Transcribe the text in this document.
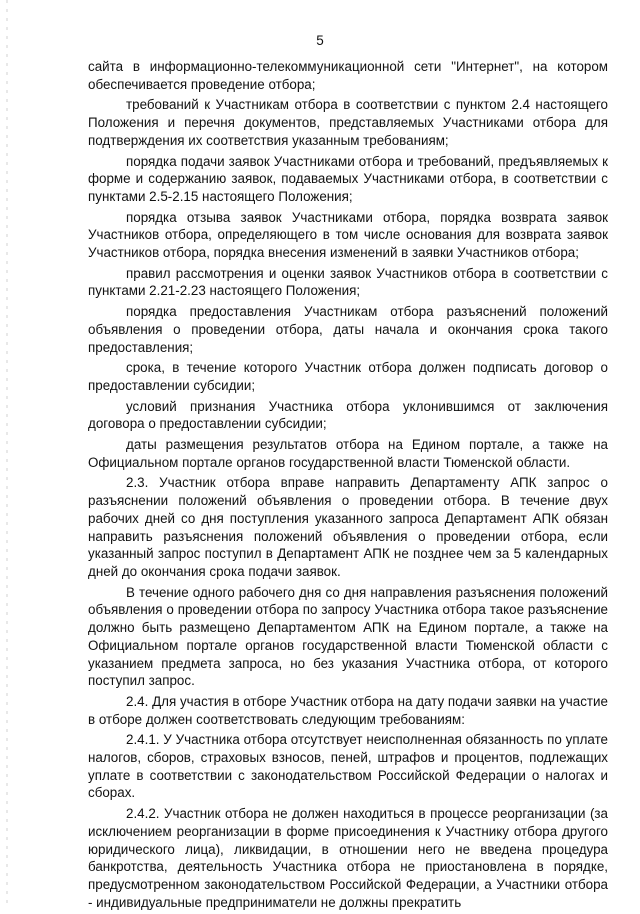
5

сайта в информационно-телекоммуникационной сети "Интернет", на котором обеспечивается проведение отбора;

требований к Участникам отбора в соответствии с пунктом 2.4 настоящего Положения и перечня документов, представляемых Участниками отбора для подтверждения их соответствия указанным требованиям;

порядка подачи заявок Участниками отбора и требований, предъявляемых к форме и содержанию заявок, подаваемых Участниками отбора, в соответствии с пунктами 2.5-2.15 настоящего Положения;

порядка отзыва заявок Участниками отбора, порядка возврата заявок Участников отбора, определяющего в том числе основания для возврата заявок Участников отбора, порядка внесения изменений в заявки Участников отбора;

правил рассмотрения и оценки заявок Участников отбора в соответствии с пунктами 2.21-2.23 настоящего Положения;

порядка предоставления Участникам отбора разъяснений положений объявления о проведении отбора, даты начала и окончания срока такого предоставления;

срока, в течение которого Участник отбора должен подписать договор о предоставлении субсидии;

условий признания Участника отбора уклонившимся от заключения договора о предоставлении субсидии;

даты размещения результатов отбора на Едином портале, а также на Официальном портале органов государственной власти Тюменской области.

2.3. Участник отбора вправе направить Департаменту АПК запрос о разъяснении положений объявления о проведении отбора. В течение двух рабочих дней со дня поступления указанного запроса Департамент АПК обязан направить разъяснения положений объявления о проведении отбора, если указанный запрос поступил в Департамент АПК не позднее чем за 5 календарных дней до окончания срока подачи заявок.

В течение одного рабочего дня со дня направления разъяснения положений объявления о проведении отбора по запросу Участника отбора такое разъяснение должно быть размещено Департаментом АПК на Едином портале, а также на Официальном портале органов государственной власти Тюменской области с указанием предмета запроса, но без указания Участника отбора, от которого поступил запрос.

2.4. Для участия в отборе Участник отбора на дату подачи заявки на участие в отборе должен соответствовать следующим требованиям:

2.4.1. У Участника отбора отсутствует неисполненная обязанность по уплате налогов, сборов, страховых взносов, пеней, штрафов и процентов, подлежащих уплате в соответствии с законодательством Российской Федерации о налогах и сборах.

2.4.2. Участник отбора не должен находиться в процессе реорганизации (за исключением реорганизации в форме присоединения к Участнику отбора другого юридического лица), ликвидации, в отношении него не введена процедура банкротства, деятельность Участника отбора не приостановлена в порядке, предусмотренном законодательством Российской Федерации, а Участники отбора - индивидуальные предприниматели не должны прекратить
